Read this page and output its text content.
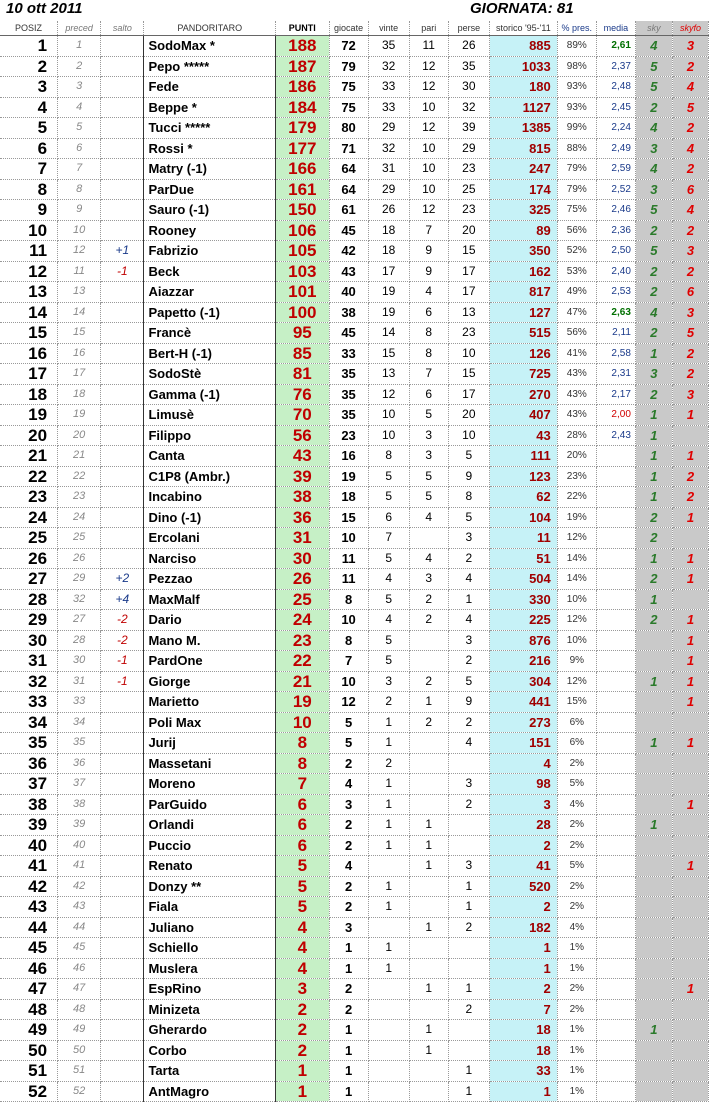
10 ott 2011	GIORNATA: 81
POSIZ	preced	salto	PANDORITARO	PUNTI	giocate	vinte	pari	perse	storico '95-'11	% pres.	media	sky	skyfo
1	1		SodoMax *	188	72	35	11	26	885	89%	2,61	4	3
2	2		Pepo *****	187	79	32	12	35	1033	98%	2,37	5	2
3	3		Fede	186	75	33	12	30	180	93%	2,48	5	4
4	4		Beppe *	184	75	33	10	32	1127	93%	2,45	2	5
5	5		Tucci *****	179	80	29	12	39	1385	99%	2,24	4	2
6	6		Rossi *	177	71	32	10	29	815	88%	2,49	3	4
7	7		Matry (-1)	166	64	31	10	23	247	79%	2,59	4	2
8	8		ParDue	161	64	29	10	25	174	79%	2,52	3	6
9	9		Sauro (-1)	150	61	26	12	23	325	75%	2,46	5	4
10	10		Rooney	106	45	18	7	20	89	56%	2,36	2	2
11	12	+1	Fabrizio	105	42	18	9	15	350	52%	2,50	5	3
12	11	-1	Beck	103	43	17	9	17	162	53%	2,40	2	2
13	13		Aiazzar	101	40	19	4	17	817	49%	2,53	2	6
14	14		Papetto (-1)	100	38	19	6	13	127	47%	2,63	4	3
15	15		Francè	95	45	14	8	23	515	56%	2,11	2	5
16	16		Bert-H (-1)	85	33	15	8	10	126	41%	2,58	1	2
17	17		SodoStè	81	35	13	7	15	725	43%	2,31	3	2
18	18		Gamma (-1)	76	35	12	6	17	270	43%	2,17	2	3
19	19		Limusè	70	35	10	5	20	407	43%	2,00	1	1
20	20		Filippo	56	23	10	3	10	43	28%	2,43	1	
21	21		Canta	43	16	8	3	5	111	20%		1	1
22	22		C1P8 (Ambr.)	39	19	5	5	9	123	23%		1	2
23	23		Incabino	38	18	5	5	8	62	22%		1	2
24	24		Dino (-1)	36	15	6	4	5	104	19%		2	1
25	25		Ercolani	31	10	7		3	11	12%		2	
26	26		Narciso	30	11	5	4	2	51	14%		1	1
27	29	+2	Pezzao	26	11	4	3	4	504	14%		2	1
28	32	+4	MaxMalf	25	8	5	2	1	330	10%		1	
29	27	-2	Dario	24	10	4	2	4	225	12%		2	1
30	28	-2	Mano M.	23	8	5		3	876	10%			1
31	30	-1	PardOne	22	7	5		2	216	9%			1
32	31	-1	Giorge	21	10	3	2	5	304	12%		1	1
33	33		Marietto	19	12	2	1	9	441	15%			1
34	34		Poli Max	10	5	1	2	2	273	6%			
35	35		Jurij	8	5	1		4	151	6%		1	1
36	36		Massetani	8	2	2			4	2%			
37	37		Moreno	7	4	1		3	98	5%			
38	38		ParGuido	6	3	1		2	3	4%			1
39	39		Orlandi	6	2	1	1		28	2%		1	
40	40		Puccio	6	2	1	1		2	2%			
41	41		Renato	5	4		1	3	41	5%			1
42	42		Donzy **	5	2	1		1	520	2%			
43	43		Fiala	5	2	1		1	2	2%			
44	44		Juliano	4	3		1	2	182	4%			
45	45		Schiello	4	1	1			1	1%			
46	46		Muslera	4	1	1			1	1%			
47	47		EspRino	3	2		1	1	2	2%			1
48	48		Minizeta	2	2			2	7	2%			
49	49		Gherardo	2	1		1		18	1%		1	
50	50		Corbo	2	1		1		18	1%			
51	51		Tarta	1	1			1	33	1%			
52	52		AntMagro	1	1			1	1	1%			
